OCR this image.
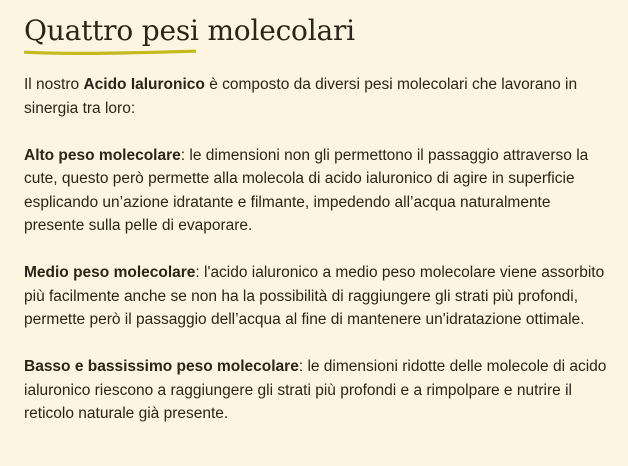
Quattro pesi molecolari

Il nostro Acido Ialuronico è composto da diversi pesi molecolari che lavorano in sinergia tra loro:

Alto peso molecolare: le dimensioni non gli permettono il passaggio attraverso la cute, questo però permette alla molecola di acido ialuronico di agire in superficie esplicando un’azione idratante e filmante, impedendo all’acqua naturalmente presente sulla pelle di evaporare.

Medio peso molecolare: l'acido ialuronico a medio peso molecolare viene assorbito più facilmente anche se non ha la possibilità di raggiungere gli strati più profondi, permette però il passaggio dell’acqua al fine di mantenere un'idratazione ottimale.

Basso e bassissimo peso molecolare: le dimensioni ridotte delle molecole di acido ialuronico riescono a raggiungere gli strati più profondi e a rimpolpare e nutrire il reticolo naturale già presente.
